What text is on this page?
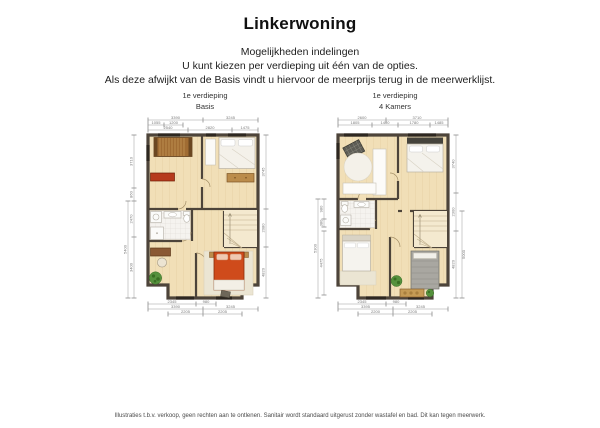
Linkerwoning
Mogelijkheden indelingen
U kunt kiezen per verdieping uit één van de opties.
Als deze afwijkt van de Basis vindt u hiervoor de meerprijs terug in de meerwerklijst.
1e verdieping
Basis
3390	3245
1055 1200
2540	2820	1475
3710
860
2470
3400
5400
3745
2080
4820
2345	980
3390	3245
2205	2205
1e verdieping
4 Kamers
2600	3710
1805	1400	1780	1485
980
380
4475
5300
3740
2300
4820
5000
2345	980
3395	3245
2200	2205
Illustraties t.b.v. verkoop, geen rechten aan te ontlenen. Sanitair wordt standaard uitgerust zonder wastafel en bad. Dit kan tegen meerwerk.
